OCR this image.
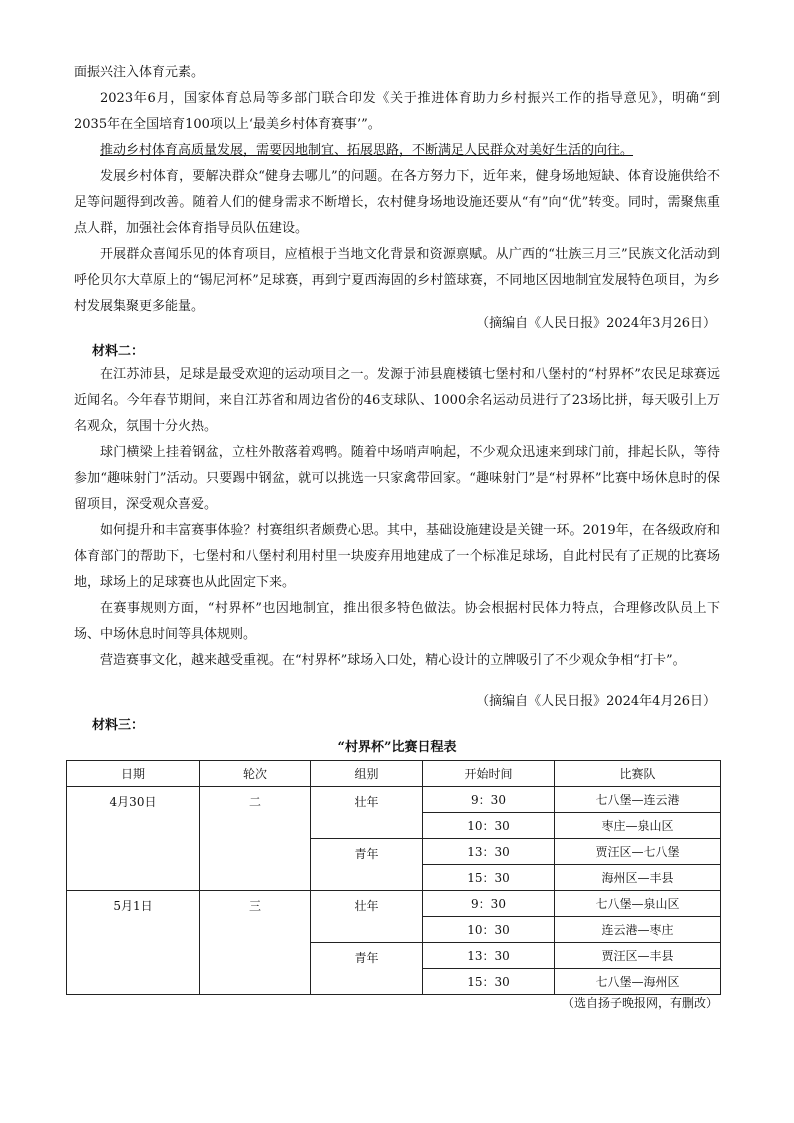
面振兴注入体育元素。

2023年6月，国家体育总局等多部门联合印发《关于推进体育助力乡村振兴工作的指导意见》，明确“到2035年在全国培育100项以上‘最美乡村体育赛事’”。

推动乡村体育高质量发展，需要因地制宜、拓展思路，不断满足人民群众对美好生活的向往。

发展乡村体育，要解决群众“健身去哪儿”的问题。在各方努力下，近年来，健身场地短缺、体育设施供给不足等问题得到改善。随着人们的健身需求不断增长，农村健身场地设施还要从“有”向“优”转变。同时，需聚焦重点人群，加强社会体育指导员队伍建设。

开展群众喜闻乐见的体育项目，应植根于当地文化背景和资源禀赋。从广西的“壮族三月三”民族文化活动到呼伦贝尔大草原上的“锡尼河杯”足球赛，再到宁夏西海固的乡村篮球赛，不同地区因地制宜发展特色项目，为乡村发展集聚更多能量。

（摘编自《人民日报》2024年3月26日）
材料二：

在江苏沛县，足球是最受欢迎的运动项目之一。发源于沛县鹿楼镇七堡村和八堡村的“村界杯”农民足球赛远近闻名。今年春节期间，来自江苏省和周边省份的46支球队、1000余名运动员进行了23场比拼，每天吸引上万名观众，氛围十分火热。

球门横梁上挂着钢盆，立柱外散落着鸡鸭。随着中场哨声响起，不少观众迅速来到球门前，排起长队，等待参加“趣味射门”活动。只要踢中钢盆，就可以挑选一只家禽带回家。“趣味射门”是“村界杯”比赛中场休息时的保留项目，深受观众喜爱。

如何提升和丰富赛事体验？村赛组织者颇费心思。其中，基础设施建设是关键一环。2019年，在各级政府和体育部门的帮助下，七堡村和八堡村利用村里一块废弃用地建成了一个标准足球场，自此村民有了正规的比赛场地，球场上的足球赛也从此固定下来。

在赛事规则方面，“村界杯”也因地制宜，推出很多特色做法。协会根据村民体力特点，合理修改队员上下场、中场休息时间等具体规则。

营造赛事文化，越来越受重视。在“村界杯”球场入口处，精心设计的立牌吸引了不少观众争相“打卡”。

（摘编自《人民日报》2024年4月26日）
材料三：
“村界杯”比赛日程表
日期	轮次	组别	开始时间	比赛队
4月30日	二	壮年	9：30	七八堡—连云港
			10：30	枣庄—泉山区
		青年	13：30	贾汪区—七八堡
			15：30	海州区—丰县
5月1日	三	壮年	9：30	七八堡—泉山区
			10：30	连云港—枣庄
		青年	13：30	贾汪区—丰县
			15：30	七八堡—海州区
（选自扬子晚报网，有删改）
